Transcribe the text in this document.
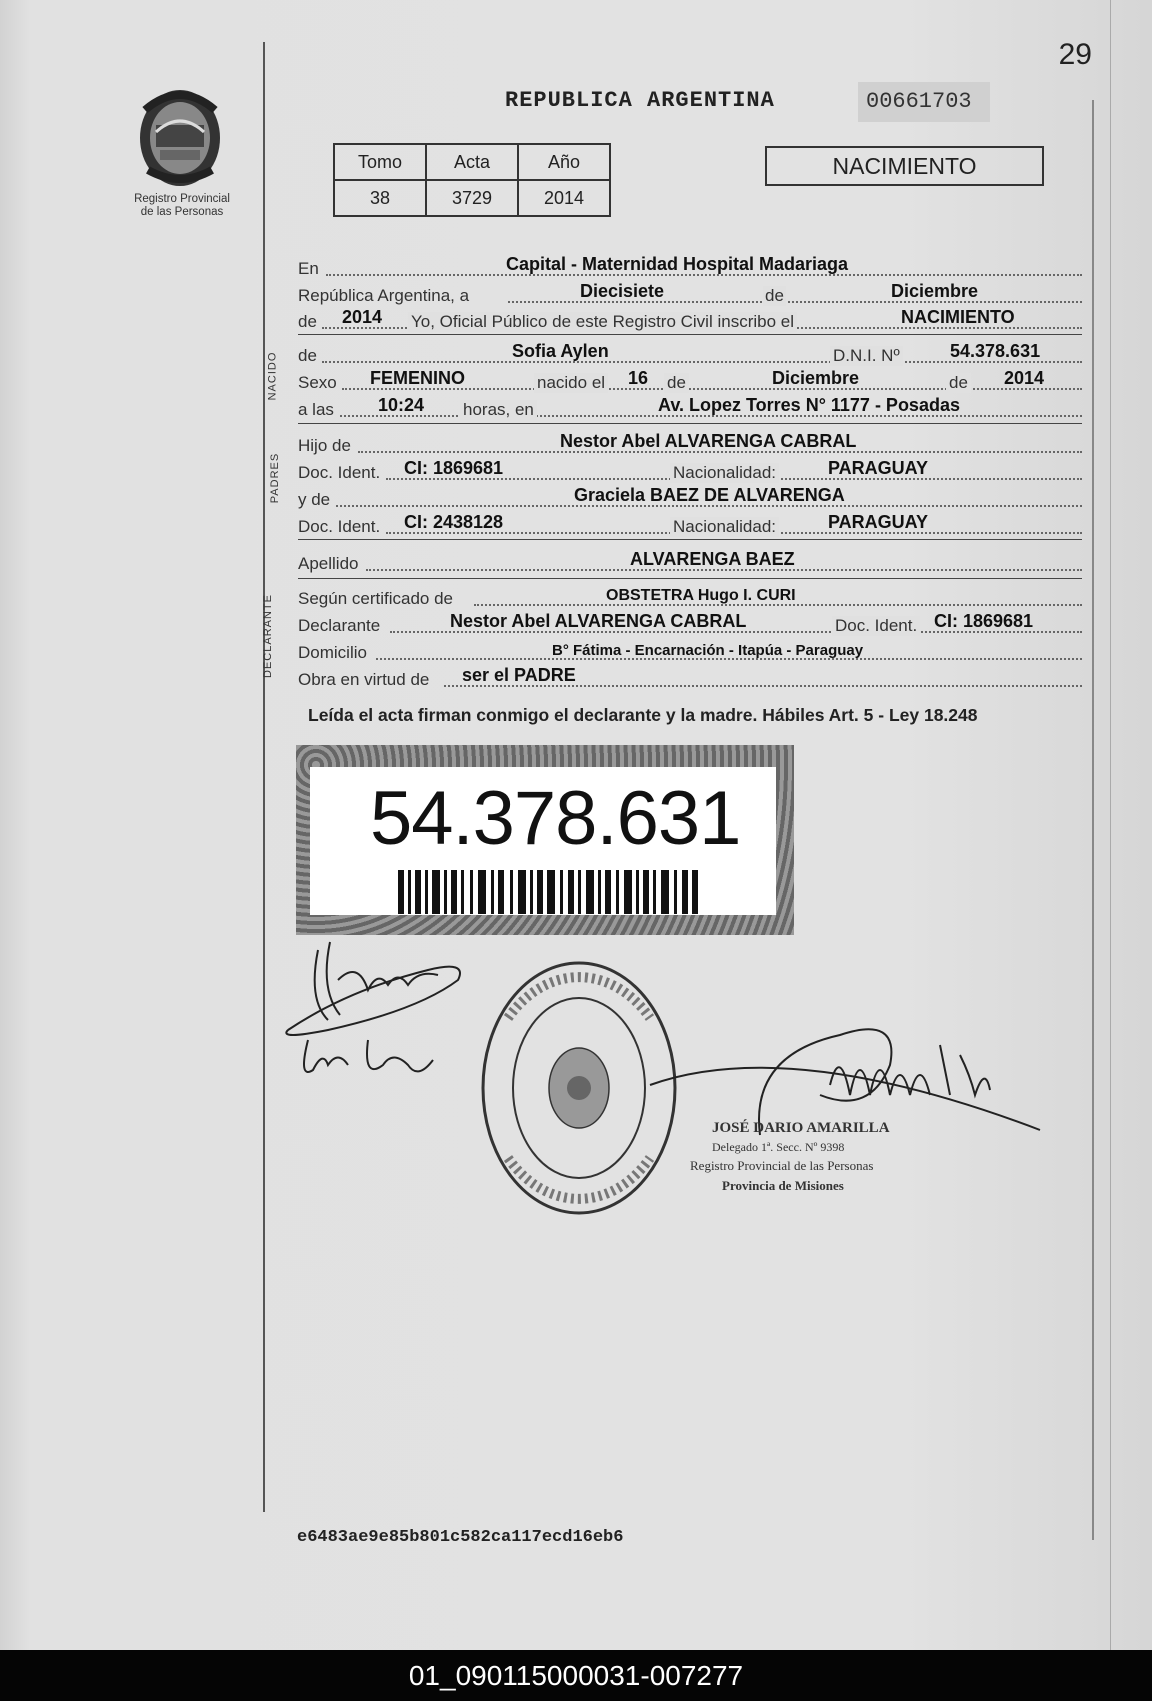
29
Registro Provincial
de las Personas
REPUBLICA ARGENTINA	00661703
Tomo	Acta	Año
38	3729	2014
NACIMIENTO
En	Capital - Maternidad Hospital Madariaga
República Argentina, a	Diecisiete	de	Diciembre
de 2014 Yo, Oficial Público de este Registro Civil inscribo el	NACIMIENTO
NACIDO de	Sofia Aylen	D.N.I. Nº	54.378.631
Sexo FEMENINO	nacido el 16 de	Diciembre	de 2014
a las 10:24 horas, en	Av. Lopez Torres N° 1177 - Posadas
PADRES
Hijo de	Nestor Abel ALVARENGA CABRAL
Doc. Ident. CI: 1869681	Nacionalidad:	PARAGUAY
y de	Graciela BAEZ DE ALVARENGA
Doc. Ident. CI: 2438128	Nacionalidad:	PARAGUAY
Apellido	ALVARENGA BAEZ
DECLARANTE Según certificado de	OBSTETRA Hugo I. CURI
Declarante	Nestor Abel ALVARENGA CABRAL	Doc. Ident. CI: 1869681
Domicilio	B° Fátima - Encarnación - Itapúa - Paraguay
Obra en virtud de ser el PADRE
Leída el acta firman conmigo el declarante y la madre. Hábiles Art. 5 - Ley 18.248
54.378.631
JOSÉ DARIO AMARILLA
Delegado 1ª. Secc. Nº 9398
Registro Provincial de las Personas
Provincia de Misiones
e6483ae9e85b801c582ca117ecd16eb6
01_090115000031-007277
